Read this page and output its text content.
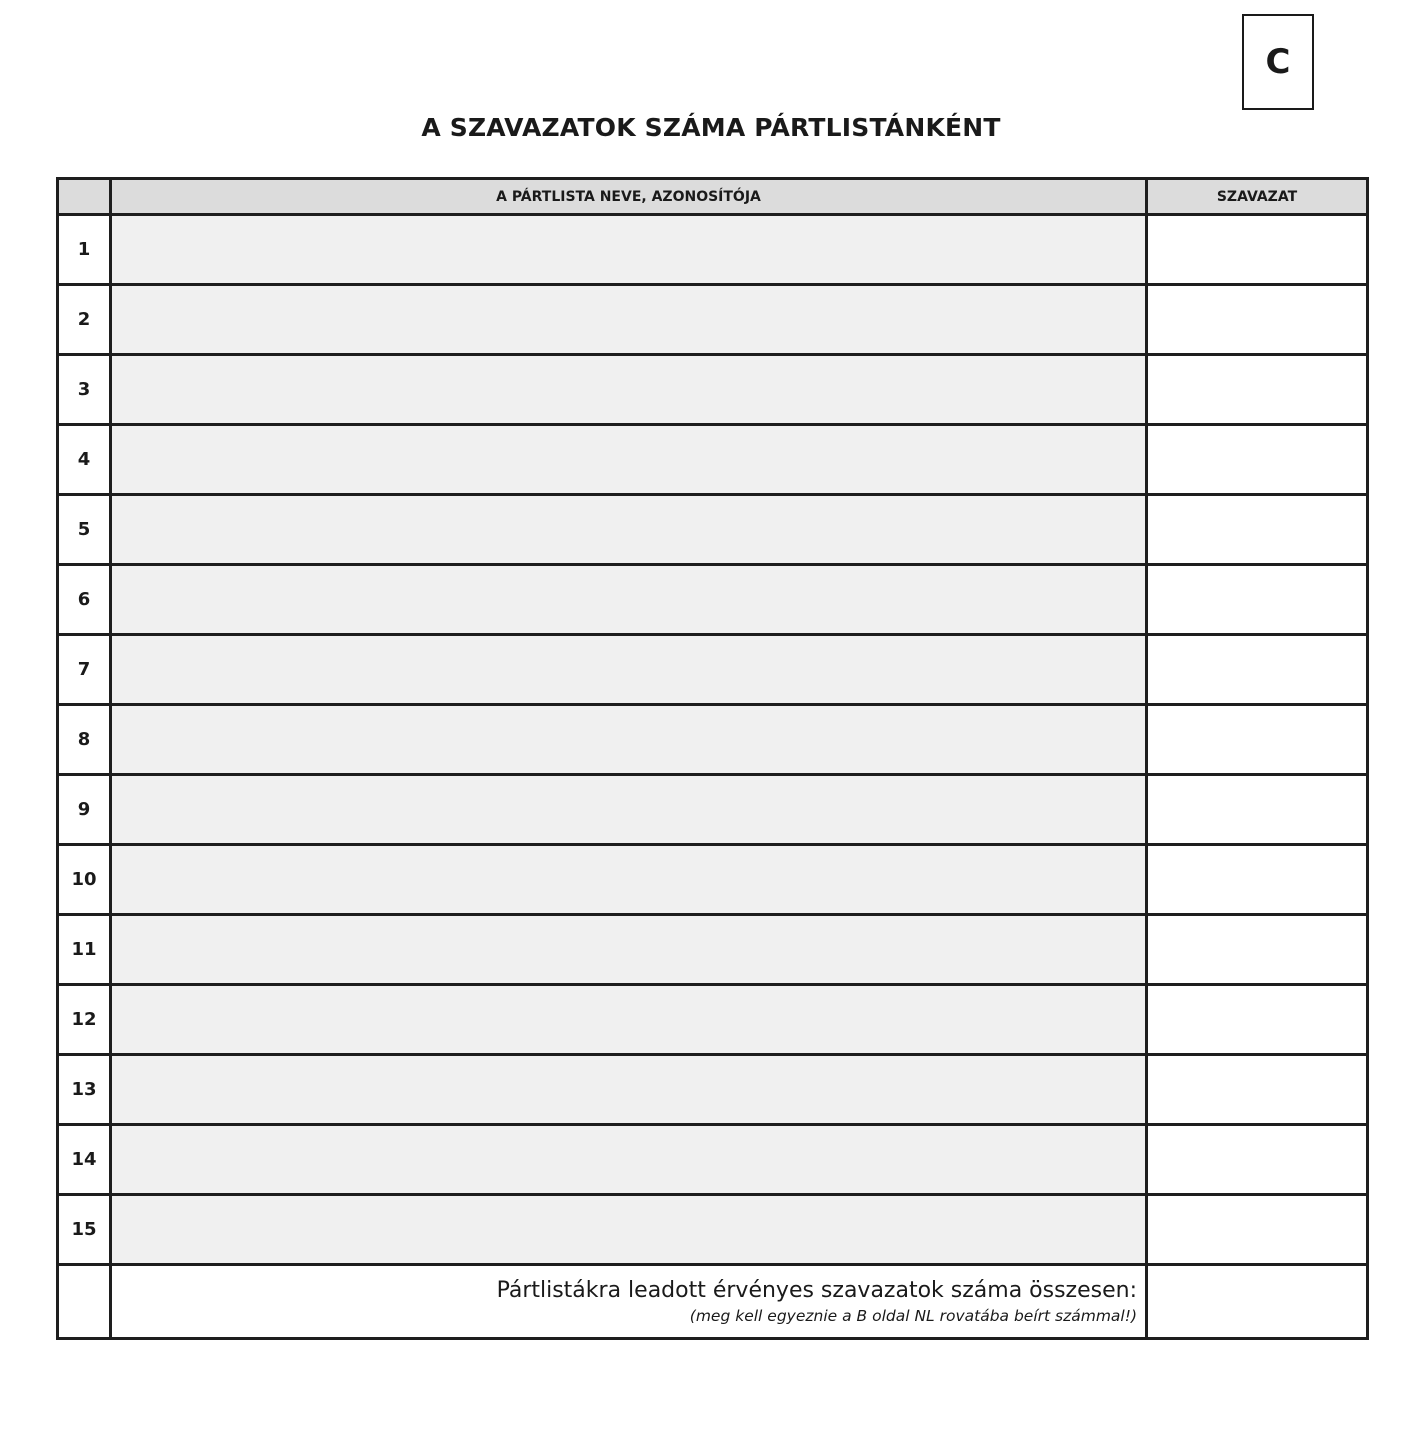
C
A SZAVAZATOK SZÁMA PÁRTLISTÁNKÉNT
	A PÁRTLISTA NEVE, AZONOSÍTÓJA	SZAVAZAT
1		
2		
3		
4		
5		
6		
7		
8		
9		
10		
11		
12		
13		
14		
15		

	Pártlistákra leadott érvényes szavazatok száma összesen:
(meg kell egyeznie a B oldal NL rovatába beírt számmal!)	
